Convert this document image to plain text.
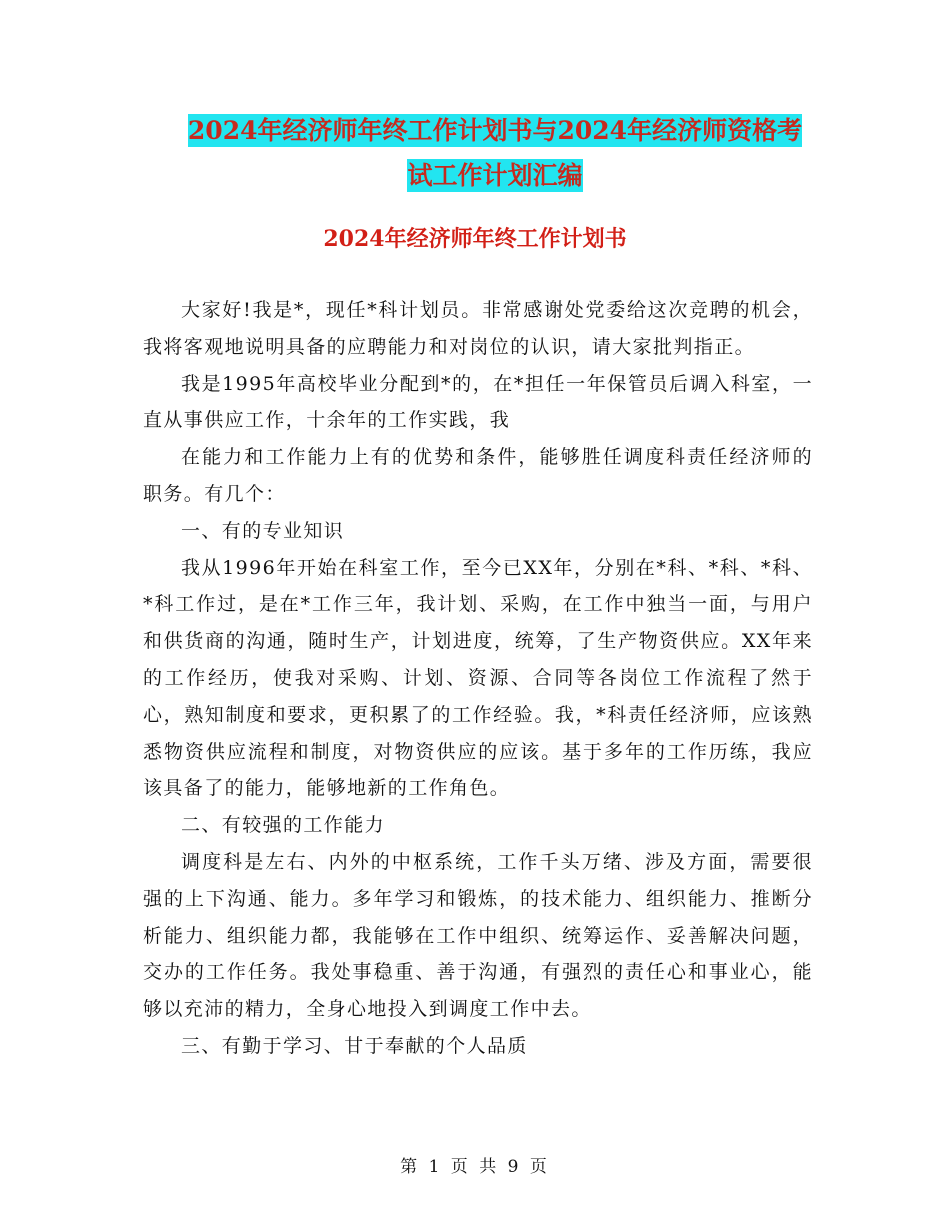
2024年经济师年终工作计划书与2024年经济师资格考
试工作计划汇编
2024年经济师年终工作计划书

大家好!我是*，现任*科计划员。非常感谢处党委给这次竞聘的机会，我将客观地说明具备的应聘能力和对岗位的认识，请大家批判指正。

我是1995年高校毕业分配到*的，在*担任一年保管员后调入科室，一直从事供应工作，十余年的工作实践，我

在能力和工作能力上有的优势和条件，能够胜任调度科责任经济师的职务。有几个：

一、有的专业知识

我从1996年开始在科室工作，至今已XX年，分别在*科、*科、*科、*科工作过，是在*工作三年，我计划、采购，在工作中独当一面，与用户和供货商的沟通，随时生产，计划进度，统筹，了生产物资供应。XX年来的工作经历，使我对采购、计划、资源、合同等各岗位工作流程了然于心，熟知制度和要求，更积累了的工作经验。我，*科责任经济师，应该熟悉物资供应流程和制度，对物资供应的应该。基于多年的工作历练，我应该具备了的能力，能够地新的工作角色。

二、有较强的工作能力

调度科是左右、内外的中枢系统，工作千头万绪、涉及方面，需要很强的上下沟通、能力。多年学习和锻炼，的技术能力、组织能力、推断分析能力、组织能力都，我能够在工作中组织、统筹运作、妥善解决问题，交办的工作任务。我处事稳重、善于沟通，有强烈的责任心和事业心，能够以充沛的精力，全身心地投入到调度工作中去。

三、有勤于学习、甘于奉献的个人品质

第 1 页 共 9 页
